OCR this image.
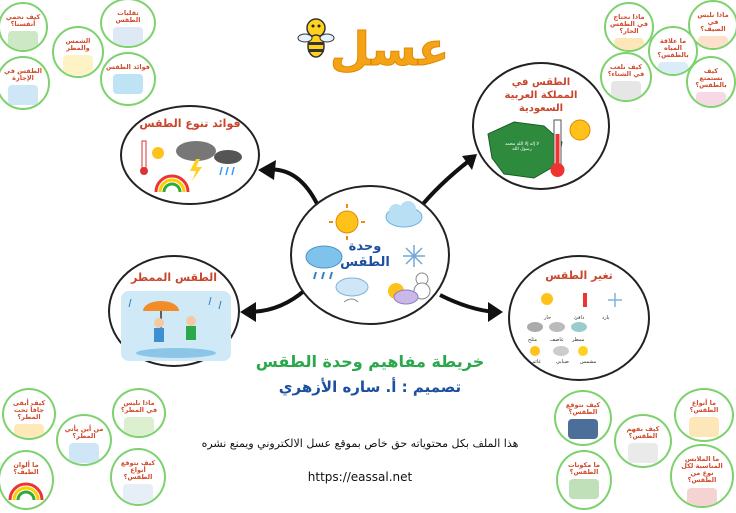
عسل
وحدة الطقس
فوائد تنوع الطقس
الطقس في المملكة العربية السعودية
لا إله إلا الله محمد رسول الله
الطقس الممطر	تغير الطقس
بارد
دافئ
حار
ممطر
عاصف
مثلج
مشمس
ضبابي
غائم
خريطة مفاهيم وحدة الطقس
تصميم : أ. ساره الأزهري
هذا الملف بكل محتوياته حق خاص بموقع عسل الالكتروني ويمنع نشره
https://eassal.net
كيف نحمي أنفسنا؟
تقلبات الطقس
الشمس والمطر
الطقس في الإجازة
فوائد الطقس
ماذا نلبس في الصيف؟
ماذا نحتاج في الطقس الحار؟
ما علاقة المياه بالطقس؟
كيف نلعب في الشتاء؟	كيف نستمتع بالطقس؟
كيف أبقى جافاً تحت المطر؟
ماذا نلبس في المطر؟
من أين يأتي المطر؟
ما ألوان الطيف؟
كيف نتوقع أنواع الطقس؟
كيف نتوقع الطقس؟
ما أنواع الطقس؟
كيف نفهم الطقس؟
ما مكونات الطقس؟
ما الملابس المناسبة لكل نوع من الطقس؟
